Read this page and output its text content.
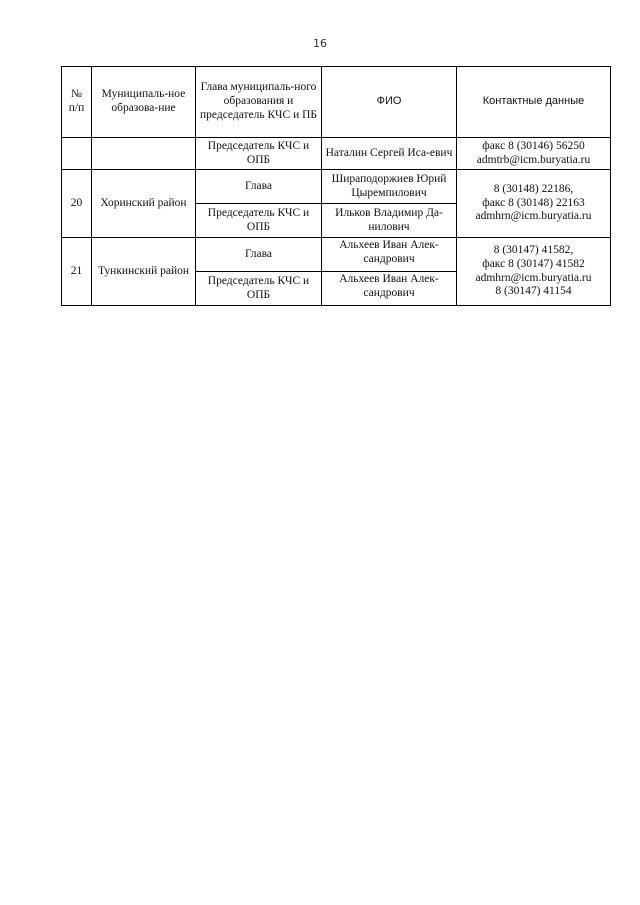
16
№ п/п	Муниципаль-ное образова-ние	Глава муниципаль-ного образования и председатель КЧС и ПБ	ФИО	Контактные данные
		Председатель КЧС и ОПБ	Наталин Сергей Иса-евич	факс 8 (30146) 56250
admtrb@icm.buryatia.ru

20	Хоринский район	Глава	Шираподоржиев Юрий Цыремпилович	8 (30148) 22186,
факс 8 (30148) 22163
admhrn@icm.buryatia.ru

		Председатель КЧС и ОПБ	Ильков Владимир Да-нилович	
21	Тункинский район	Глава	Альхеев Иван Алек-сандрович	8 (30147) 41582,
факс 8 (30147) 41582
admhrn@icm.buryatia.ru
8 (30147) 41154

		Председатель КЧС и ОПБ	Альхеев Иван Алек-сандрович	
